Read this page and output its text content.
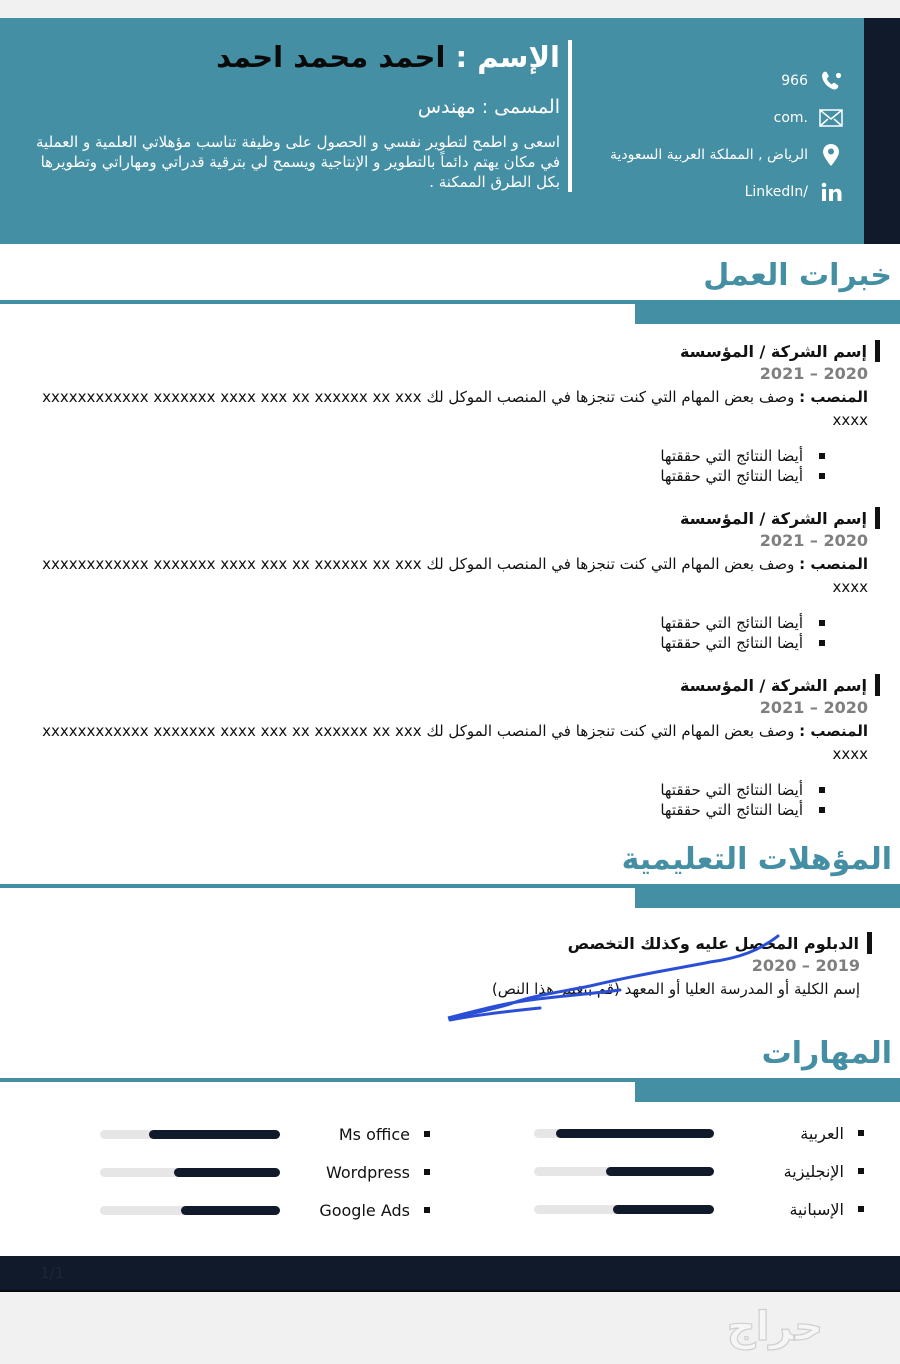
الإسم : احمد محمد احمد
المسمى : مهندس
اسعى و اطمح لتطوير نفسي و الحصول على وظيفة تناسب مؤهلاتي العلمية و العملية في مكان يهتم دائماً بالتطوير و الإنتاجية ويسمح لي بترقية قدراتي ومهاراتي وتطويرها بكل الطرق الممكنة .
966
.com
الرياض , المملكة العربية السعودية
/LinkedIn
خبرات العمل
إسم الشركة / المؤسسة
2020 – 2021
المنصب : وصف بعض المهام التي كنت تنجزها في المنصب الموكل لك xxxxxxxxxxxx xxxxxxx xxxx xxx xx xxxxxx xx xxx xxxx
أيضا النتائج التي حققتها
أيضا النتائج التي حققتها
إسم الشركة / المؤسسة
2020 – 2021
المنصب : وصف بعض المهام التي كنت تنجزها في المنصب الموكل لك xxxxxxxxxxxx xxxxxxx xxxx xxx xx xxxxxx xx xxx xxxx
أيضا النتائج التي حققتها
أيضا النتائج التي حققتها
إسم الشركة / المؤسسة
2020 – 2021
المنصب : وصف بعض المهام التي كنت تنجزها في المنصب الموكل لك xxxxxxxxxxxx xxxxxxx xxxx xxx xx xxxxxx xx xxx xxxx
أيضا النتائج التي حققتها
أيضا النتائج التي حققتها
المؤهلات التعليمية
الدبلوم المحصل عليه وكذلك التخصص
2019 – 2020
إسم الكلية أو المدرسة العليا أو المعهد (قم بتغيير هذا النص)
المهارات
العربية
الإنجليزية
الإسبانية
Ms office
Wordpress
Google Ads
1/1
حراج
